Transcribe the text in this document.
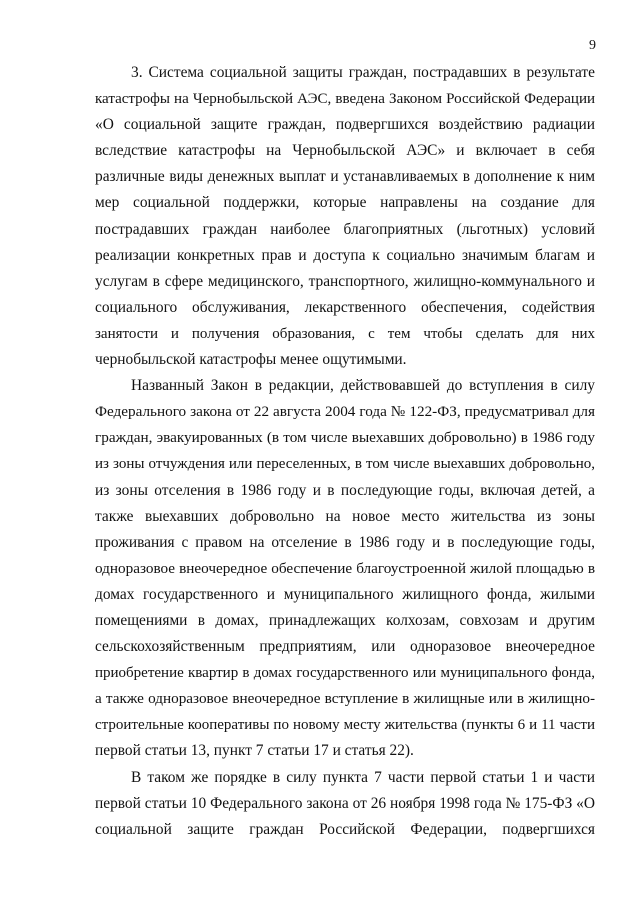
9

3. Система социальной защиты граждан, пострадавших в результате
катастрофы на Чернобыльской АЭС, введена Законом Российской Федерации
«О социальной защите граждан, подвергшихся воздействию радиации
вследствие катастрофы на Чернобыльской АЭС» и включает в себя
различные виды денежных выплат и устанавливаемых в дополнение к ним
мер социальной поддержки, которые направлены на создание для
пострадавших граждан наиболее благоприятных (льготных) условий
реализации конкретных прав и доступа к социально значимым благам и
услугам в сфере медицинского, транспортного, жилищно-коммунального и
социального обслуживания, лекарственного обеспечения, содействия
занятости и получения образования, с тем чтобы сделать для них
чернобыльской катастрофы менее ощутимыми.

Названный Закон в редакции, действовавшей до вступления в силу
Федерального закона от 22 августа 2004 года № 122-ФЗ, предусматривал для
граждан, эвакуированных (в том числе выехавших добровольно) в 1986 году
из зоны отчуждения или переселенных, в том числе выехавших добровольно,
из зоны отселения в 1986 году и в последующие годы, включая детей, а
также выехавших добровольно на новое место жительства из зоны
проживания с правом на отселение в 1986 году и в последующие годы,
одноразовое внеочередное обеспечение благоустроенной жилой площадью в
домах государственного и муниципального жилищного фонда, жилыми
помещениями в домах, принадлежащих колхозам, совхозам и другим
сельскохозяйственным предприятиям, или одноразовое внеочередное
приобретение квартир в домах государственного или муниципального фонда,
а также одноразовое внеочередное вступление в жилищные или в жилищно-
строительные кооперативы по новому месту жительства (пункты 6 и 11 части
первой статьи 13, пункт 7 статьи 17 и статья 22).

В таком же порядке в силу пункта 7 части первой статьи 1 и части
первой статьи 10 Федерального закона от 26 ноября 1998 года № 175-ФЗ «О
социальной защите граждан Российской Федерации, подвергшихся
